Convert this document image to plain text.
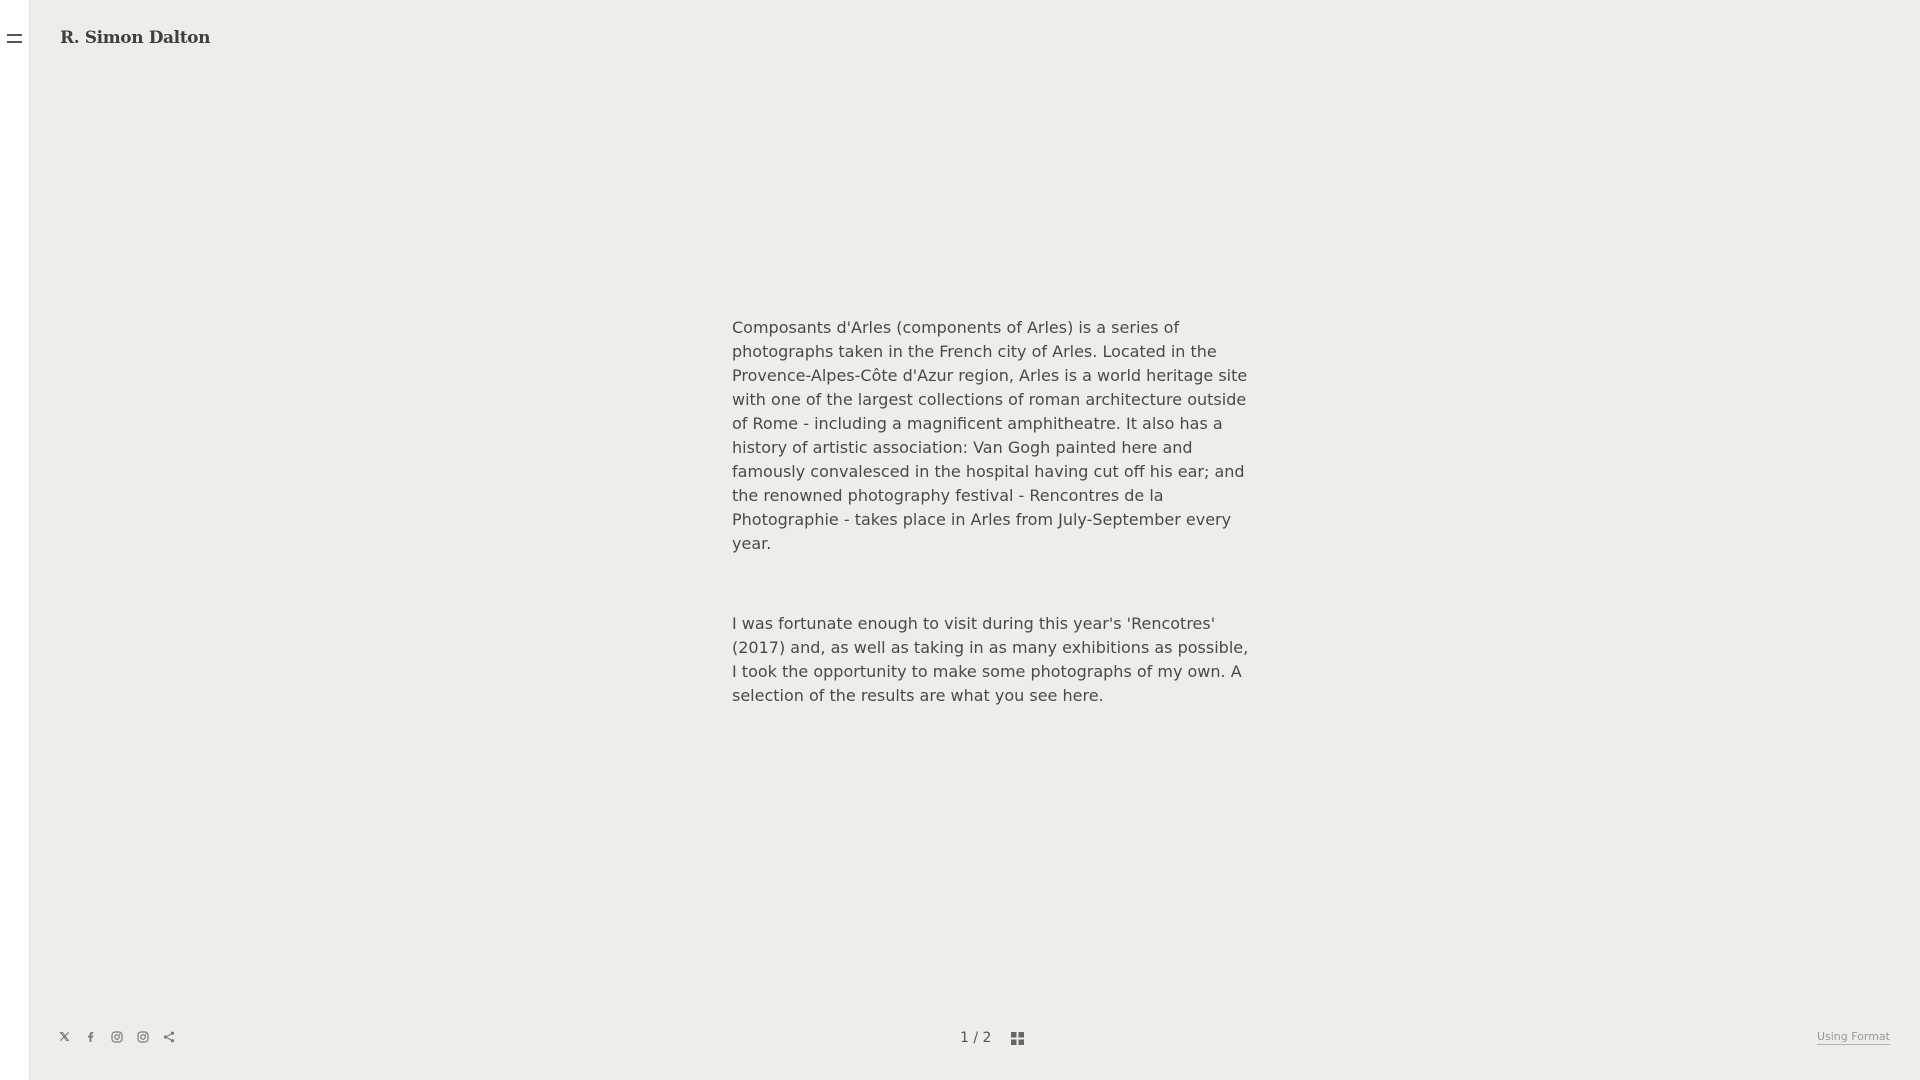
R. Simon Dalton

Composants d'Arles (components of Arles) is a series of photographs taken in the French city of Arles. Located in the Provence-Alpes-Côte d'Azur region, Arles is a world heritage site with one of the largest collections of roman architecture outside of Rome - including a magnificent amphitheatre. It also has a history of artistic association: Van Gogh painted here and famously convalesced in the hospital having cut off his ear; and the renowned photography festival - Rencontres de la Photographie - takes place in Arles from July-September every year.

I was fortunate enough to visit during this year's 'Rencotres' (2017) and, as well as taking in as many exhibitions as possible, I took the opportunity to make some photographs of my own. A selection of the results are what you see here.

1 / 2	Using Format
